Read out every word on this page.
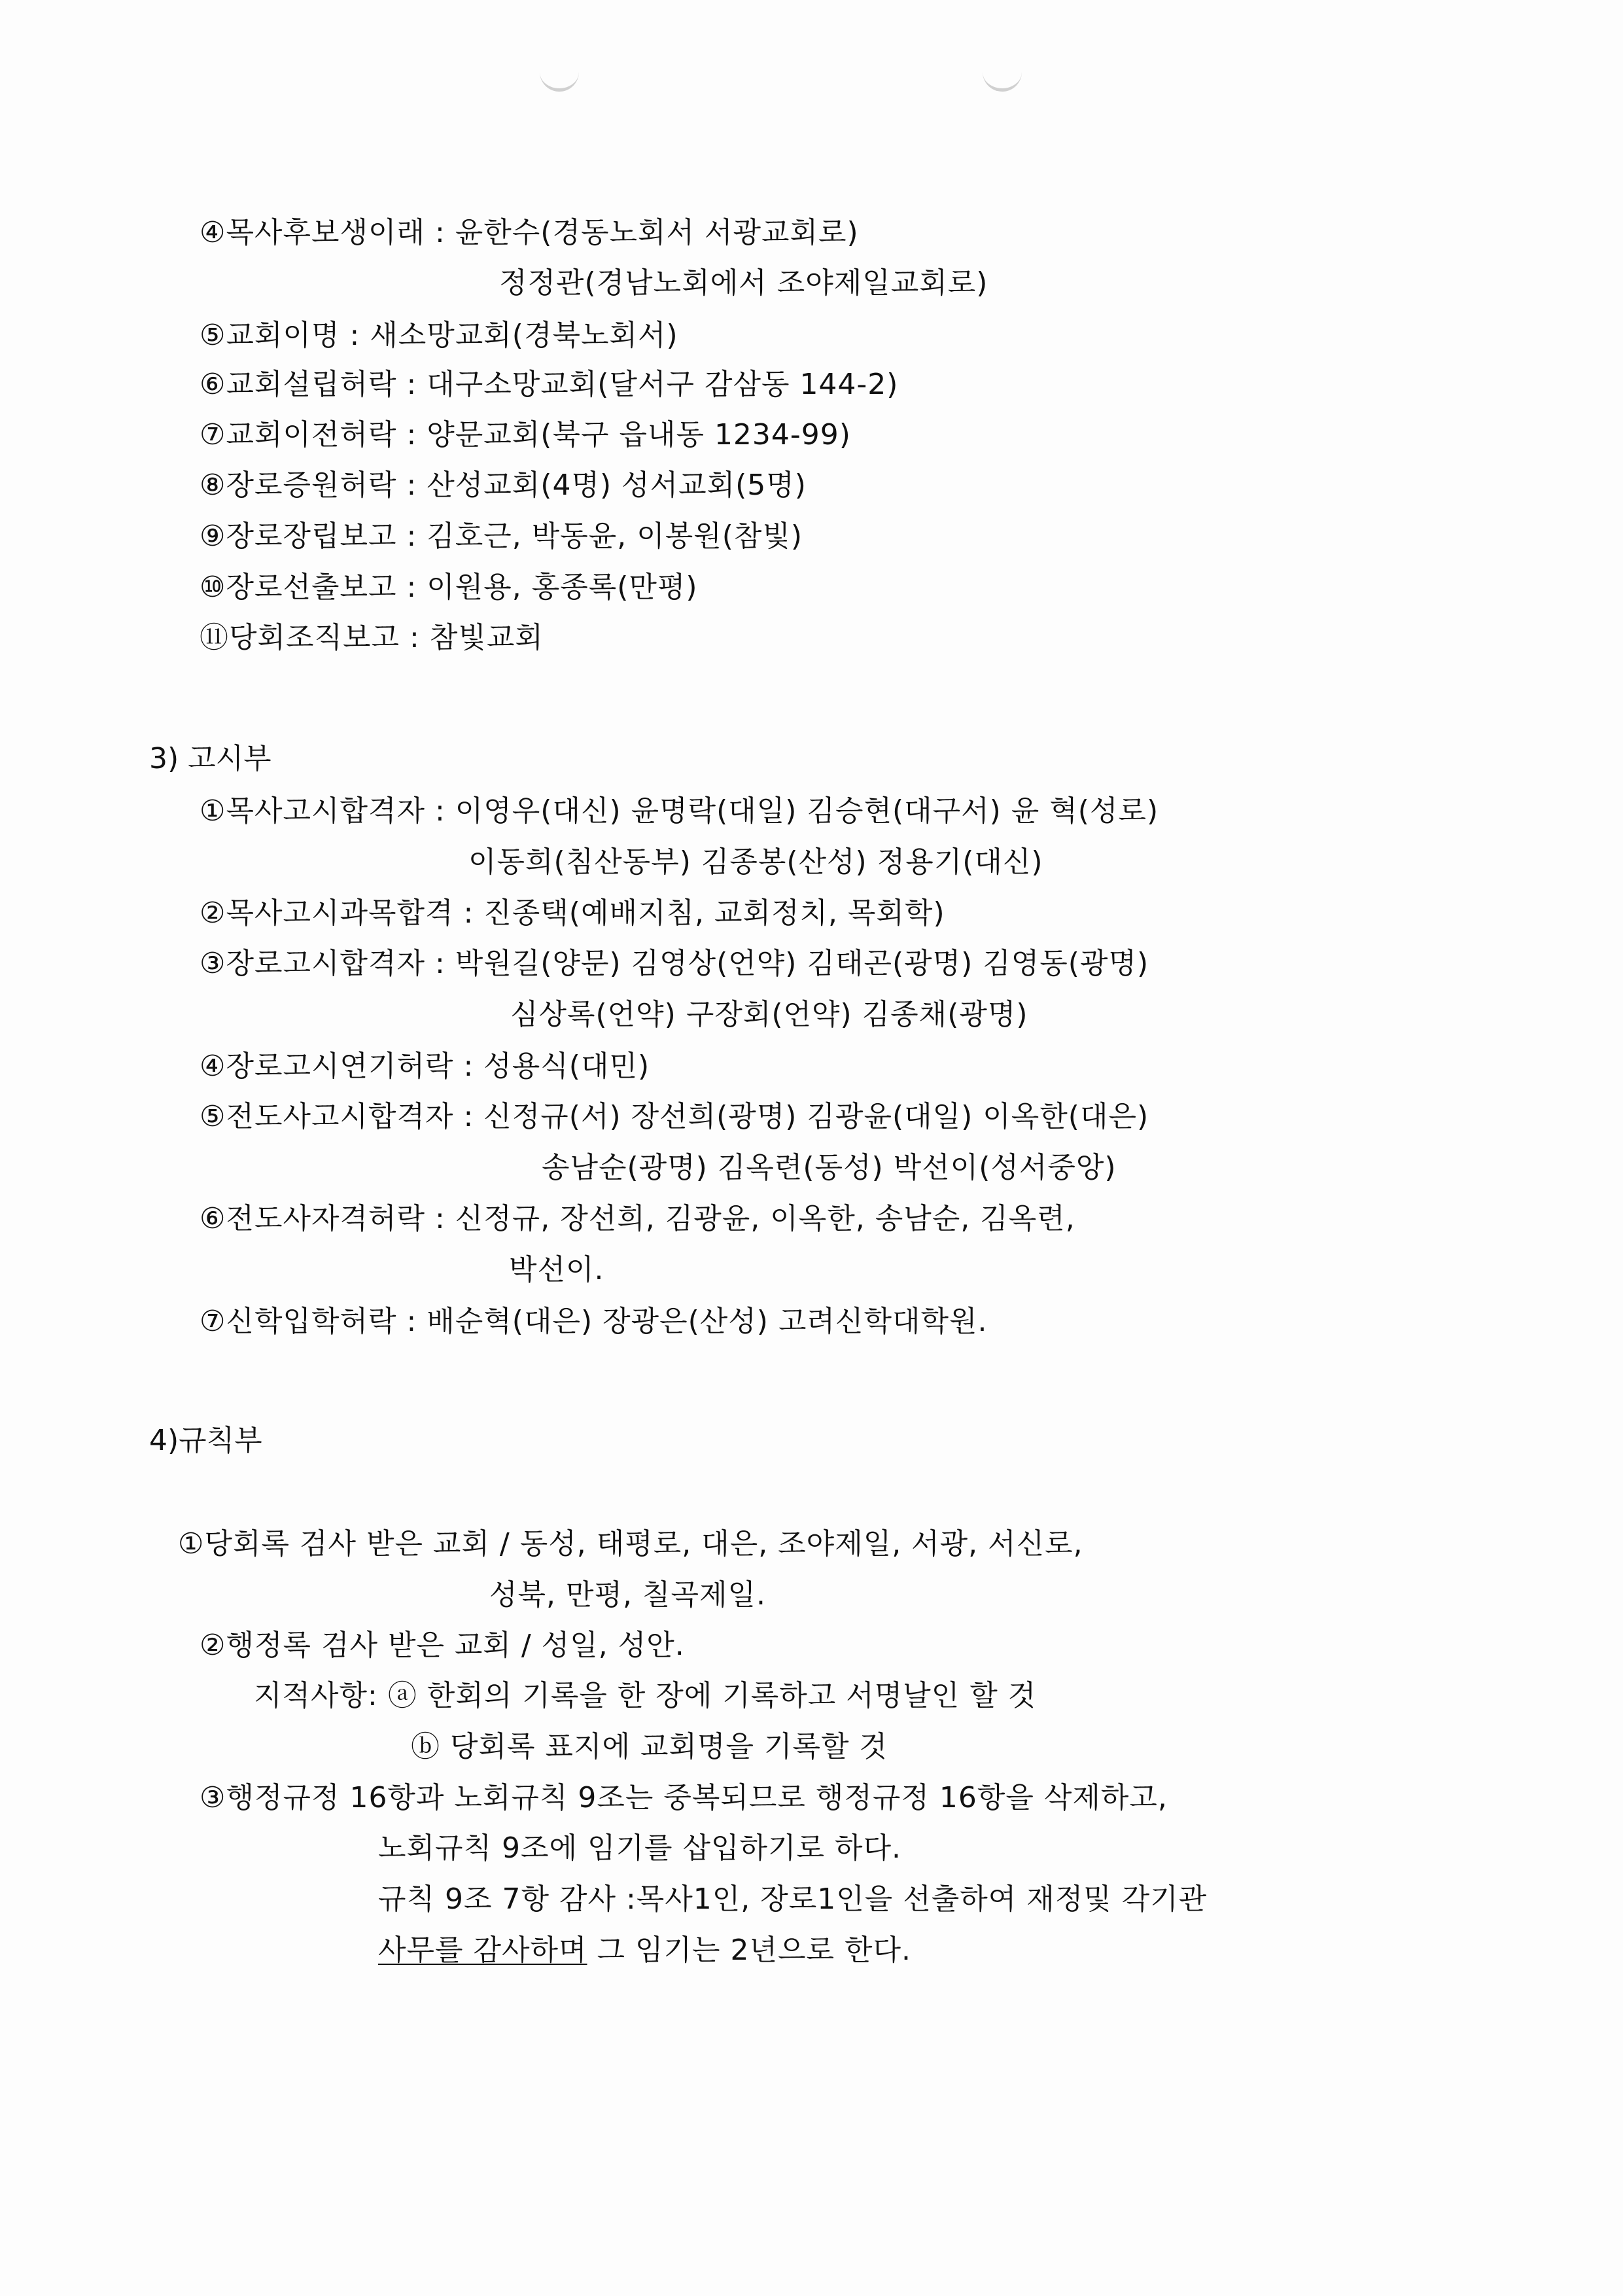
④목사후보생이래 : 윤한수(경동노회서 서광교회로)
정정관(경남노회에서 조야제일교회로)
⑤교회이명 : 새소망교회(경북노회서)
⑥교회설립허락 : 대구소망교회(달서구 감삼동 144-2)
⑦교회이전허락 : 양문교회(북구 읍내동 1234-99)
⑧장로증원허락 : 산성교회(4명) 성서교회(5명)
⑨장로장립보고 : 김호근, 박동윤, 이봉원(참빛)
⑩장로선출보고 : 이원용, 홍종록(만평)
⑪당회조직보고 : 참빛교회
3) 고시부
①목사고시합격자 : 이영우(대신) 윤명락(대일) 김승현(대구서) 윤 혁(성로)
이동희(침산동부) 김종봉(산성) 정용기(대신)
②목사고시과목합격 : 진종택(예배지침, 교회정치, 목회학)
③장로고시합격자 : 박원길(양문) 김영상(언약) 김태곤(광명) 김영동(광명)
심상록(언약) 구장회(언약) 김종채(광명)
④장로고시연기허락 : 성용식(대민)
⑤전도사고시합격자 : 신정규(서) 장선희(광명) 김광윤(대일) 이옥한(대은)
송남순(광명) 김옥련(동성) 박선이(성서중앙)
⑥전도사자격허락 : 신정규, 장선희, 김광윤, 이옥한, 송남순, 김옥련,
박선이.
⑦신학입학허락 : 배순혁(대은) 장광은(산성) 고려신학대학원.
4)규칙부
①당회록 검사 받은 교회 / 동성, 태평로, 대은, 조야제일, 서광, 서신로,
성북, 만평, 칠곡제일.
②행정록 검사 받은 교회 / 성일, 성안.
지적사항: ⓐ 한회의 기록을 한 장에 기록하고 서명날인 할 것
ⓑ 당회록 표지에 교회명을 기록할 것
③행정규정 16항과 노회규칙 9조는 중복되므로 행정규정 16항을 삭제하고,
노회규칙 9조에 임기를 삽입하기로 하다.
규칙 9조 7항 감사 :목사1인, 장로1인을 선출하여 재정및 각기관
사무를 감사하며 그 임기는 2년으로 한다.
